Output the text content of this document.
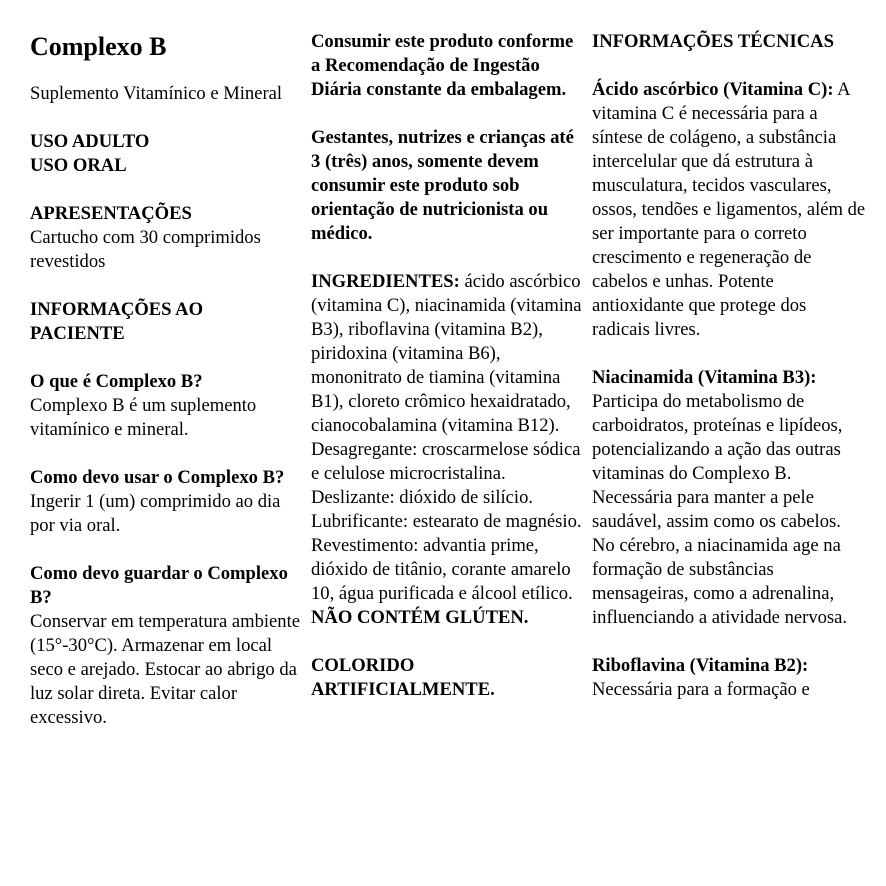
Complexo B

Suplemento Vitamínico e Mineral

USO ADULTO

USO ORAL

APRESENTAÇÕES

Cartucho com 30 comprimidos revestidos

INFORMAÇÕES AO PACIENTE

O que é Complexo B?

Complexo B é um suplemento vitamínico e mineral.

Como devo usar o Complexo B?

Ingerir 1 (um) comprimido ao dia por via oral.

Como devo guardar o Complexo B?

Conservar em temperatura ambiente (15°-30°C). Armazenar em local seco e arejado. Estocar ao abrigo da luz solar direta. Evitar calor excessivo.

Consumir este produto conforme a Recomendação de Ingestão Diária constante da embalagem.

Gestantes, nutrizes e crianças até 3 (três) anos, somente devem consumir este produto sob orientação de nutricionista ou médico.

INGREDIENTES: ácido ascórbico (vitamina C), niacinamida (vitamina B3), riboflavina (vitamina B2), piridoxina (vitamina B6), mononitrato de tiamina (vitamina B1), cloreto crômico hexaidratado, cianocobalamina (vitamina B12). Desagregante: croscarmelose sódica e celulose microcristalina. Deslizante: dióxido de silício. Lubrificante: estearato de magnésio. Revestimento: advantia prime, dióxido de titânio, corante amarelo 10, água purificada e álcool etílico.

NÃO CONTÉM GLÚTEN.

COLORIDO ARTIFICIALMENTE.

INFORMAÇÕES TÉCNICAS

Ácido ascórbico (Vitamina C): A vitamina C é necessária para a síntese de colágeno, a substância intercelular que dá estrutura à musculatura, tecidos vasculares, ossos, tendões e ligamentos, além de ser importante para o correto crescimento e regeneração de cabelos e unhas. Potente antioxidante que protege dos radicais livres.

Niacinamida (Vitamina B3):

Participa do metabolismo de carboidratos, proteínas e lipídeos, potencializando a ação das outras vitaminas do Complexo B. Necessária para manter a pele saudável, assim como os cabelos. No cérebro, a niacinamida age na formação de substâncias mensageiras, como a adrenalina, influenciando a atividade nervosa.

Riboflavina (Vitamina B2):

Necessária para a formação e
